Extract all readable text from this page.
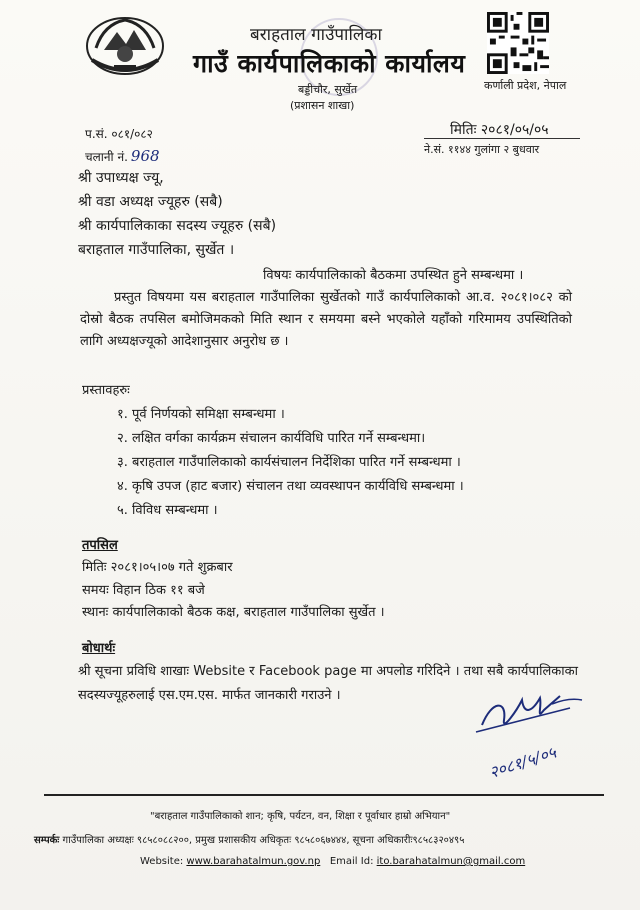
बराहताल गाउँपालिका
गाउँ कार्यपालिकाको कार्यालय
बड्डीचौर, सुर्खेत
(प्रशासन शाखा)
कर्णाली प्रदेश, नेपाल
प.सं. ०८१/०८२
चलानी नं. 968
मितिः २०८१/०५/०५
ने.सं. ११४४ गुलांगा २ बुधवार
श्री उपाध्यक्ष ज्यू,
श्री वडा अध्यक्ष ज्यूहरु (सबै)
श्री कार्यपालिकाका सदस्य ज्यूहरु (सबै)
बराहताल गाउँपालिका, सुर्खेत ।
विषयः कार्यपालिकाको बैठकमा उपस्थित हुने सम्बन्धमा ।
प्रस्तुत विषयमा यस बराहताल गाउँपालिका सुर्खेतको गाउँ कार्यपालिकाको आ.व. २०८१।०८२ को दोस्रो बैठक तपसिल बमोजिमकको मिति स्थान र समयमा बस्ने भएकोले यहाँको गरिमामय उपस्थितिको लागि अध्यक्षज्यूको आदेशानुसार अनुरोध छ ।
प्रस्तावहरुः
१. पूर्व निर्णयको समिक्षा सम्बन्धमा ।
२. लक्षित वर्गका कार्यक्रम संचालन कार्यविधि पारित गर्ने सम्बन्धमा।
३. बराहताल गाउँपालिकाको कार्यसंचालन निर्देशिका पारित गर्ने सम्बन्धमा ।
४. कृषि उपज (हाट बजार) संचालन तथा व्यवस्थापन कार्यविधि सम्बन्धमा ।
५. विविध सम्बन्धमा ।
तपसिल
मितिः २०८१।०५।०७ गते शुक्रबार
समयः विहान ठिक ११ बजे
स्थानः कार्यपालिकाको बैठक कक्ष, बराहताल गाउँपालिका सुर्खेत ।
बोधार्थः
श्री सूचना प्रविधि शाखाः Website र Facebook page मा अपलोड गरिदिने । तथा सबै कार्यपालिकाका सदस्यज्यूहरुलाई एस.एम.एस. मार्फत जानकारी गराउने ।
२०८१/५/०५
"बराहताल गाउँपालिकाको शान; कृषि, पर्यटन, वन, शिक्षा र पूर्वाधार हाम्रो अभियान"
सम्पर्कः गाउँपालिका अध्यक्षः ९८५८०८८२००, प्रमुख प्रशासकीय अधिकृतः ९८५८०६७४४४, सूचना अधिकारीः९८५८३२०४९५
Website: www.barahatalmun.gov.np Email Id: ito.barahatalmun@gmail.com
